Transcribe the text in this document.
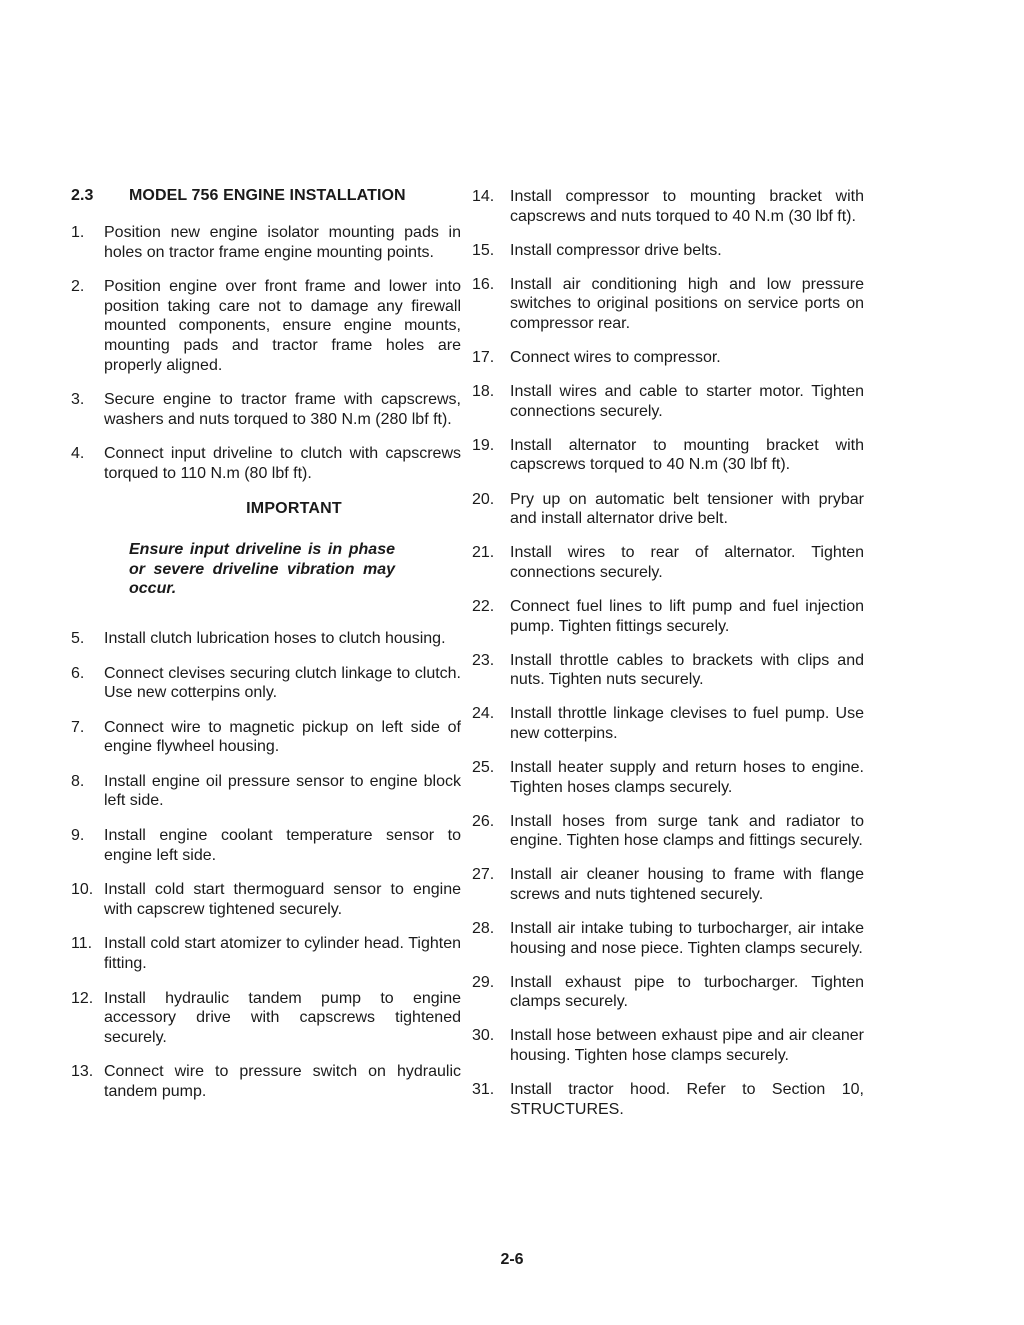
2.3 MODEL 756 ENGINE INSTALLATION
1.	Position new engine isolator mounting pads in holes on tractor frame engine mounting points.
2.	Position engine over front frame and lower into position taking care not to damage any firewall mounted components, ensure engine mounts, mounting pads and tractor frame holes are properly aligned.
3.	Secure engine to tractor frame with capscrews, washers and nuts torqued to 380 N.m (280 lbf ft).
4.	Connect input driveline to clutch with capscrews torqued to 110 N.m (80 lbf ft).
IMPORTANT
Ensure input driveline is in phase or severe driveline vibration may occur.
5.	Install clutch lubrication hoses to clutch housing.
6.	Connect clevises securing clutch linkage to clutch. Use new cotterpins only.
7.	Connect wire to magnetic pickup on left side of engine flywheel housing.
8.	Install engine oil pressure sensor to engine block left side.
9.	Install engine coolant temperature sensor to engine left side.
10. Install cold start thermoguard sensor to engine with capscrew tightened securely.
11. Install cold start atomizer to cylinder head. Tighten fitting.
12. Install hydraulic tandem pump to engine accessory drive with capscrews tightened securely.
13. Connect wire to pressure switch on hydraulic tandem pump.
14. Install compressor to mounting bracket with capscrews and nuts torqued to 40 N.m (30 lbf ft).
15. Install compressor drive belts.
16. Install air conditioning high and low pressure switches to original positions on service ports on compressor rear.
17. Connect wires to compressor.
18. Install wires and cable to starter motor. Tighten connections securely.
19. Install alternator to mounting bracket with capscrews torqued to 40 N.m (30 lbf ft).
20. Pry up on automatic belt tensioner with prybar and install alternator drive belt.
21. Install wires to rear of alternator. Tighten connections securely.
22. Connect fuel lines to lift pump and fuel injection pump. Tighten fittings securely.
23. Install throttle cables to brackets with clips and nuts. Tighten nuts securely.
24. Install throttle linkage clevises to fuel pump. Use new cotterpins.
25. Install heater supply and return hoses to engine. Tighten hoses clamps securely.
26. Install hoses from surge tank and radiator to engine. Tighten hose clamps and fittings securely.
27. Install air cleaner housing to frame with flange screws and nuts tightened securely.
28. Install air intake tubing to turbocharger, air intake housing and nose piece. Tighten clamps securely.
29. Install exhaust pipe to turbocharger. Tighten clamps securely.
30. Install hose between exhaust pipe and air cleaner housing. Tighten hose clamps securely.
31. Install tractor hood. Refer to Section 10, STRUCTURES.
2-6
